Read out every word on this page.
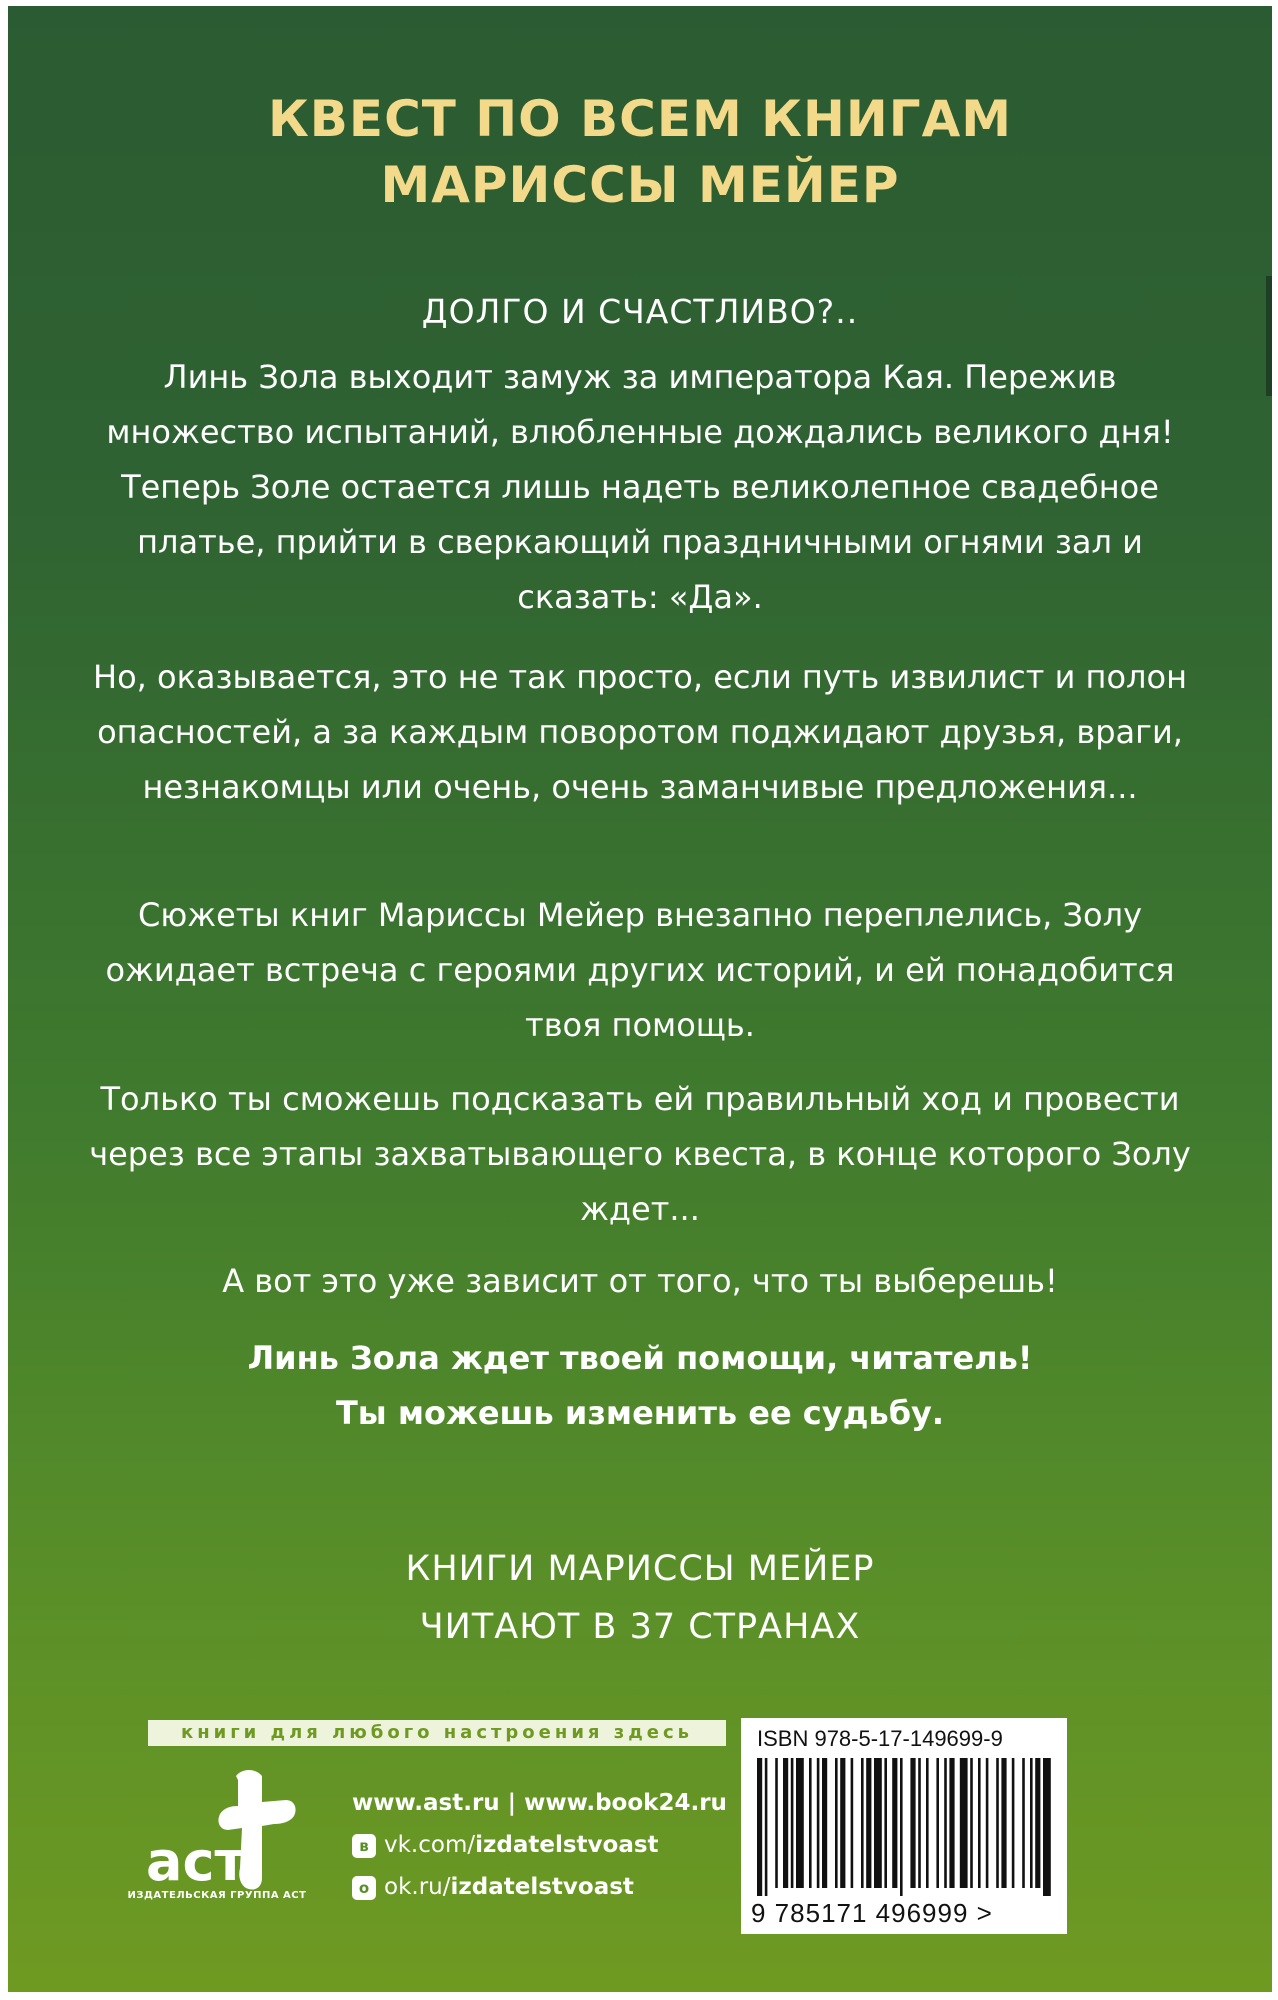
КВЕСТ ПО ВСЕМ КНИГАМ
МАРИССЫ МЕЙЕР
ДОЛГО И СЧАСТЛИВО?..
Линь Зола выходит замуж за императора Кая. Пережив множество испытаний, влюбленные дождались великого дня! Теперь Золе остается лишь надеть великолепное свадебное платье, прийти в сверкающий праздничными огнями зал и сказать: «Да».
Но, оказывается, это не так просто, если путь извилист и полон опасностей, а за каждым поворотом поджидают друзья, враги, незнакомцы или очень, очень заманчивые предложения...
Сюжеты книг Мариссы Мейер внезапно переплелись, Золу ожидает встреча с героями других историй, и ей понадобится твоя помощь.
Только ты сможешь подсказать ей правильный ход и провести через все этапы захватывающего квеста, в конце которого Золу ждет...
А вот это уже зависит от того, что ты выберешь!
Линь Зола ждет твоей помощи, читатель!
Ты можешь изменить ее судьбу.
КНИГИ МАРИССЫ МЕЙЕР
ЧИТАЮТ В 37 СТРАНАХ
книги для любого настроения здесь
аст
ИЗДАТЕЛЬСКАЯ ГРУППА АСТ
www.ast.ru | www.book24.ru
в vk.com/izdatelstvoast
о ok.ru/izdatelstvoast
ISBN 978-5-17-149699-9
9 785171 496999 >
